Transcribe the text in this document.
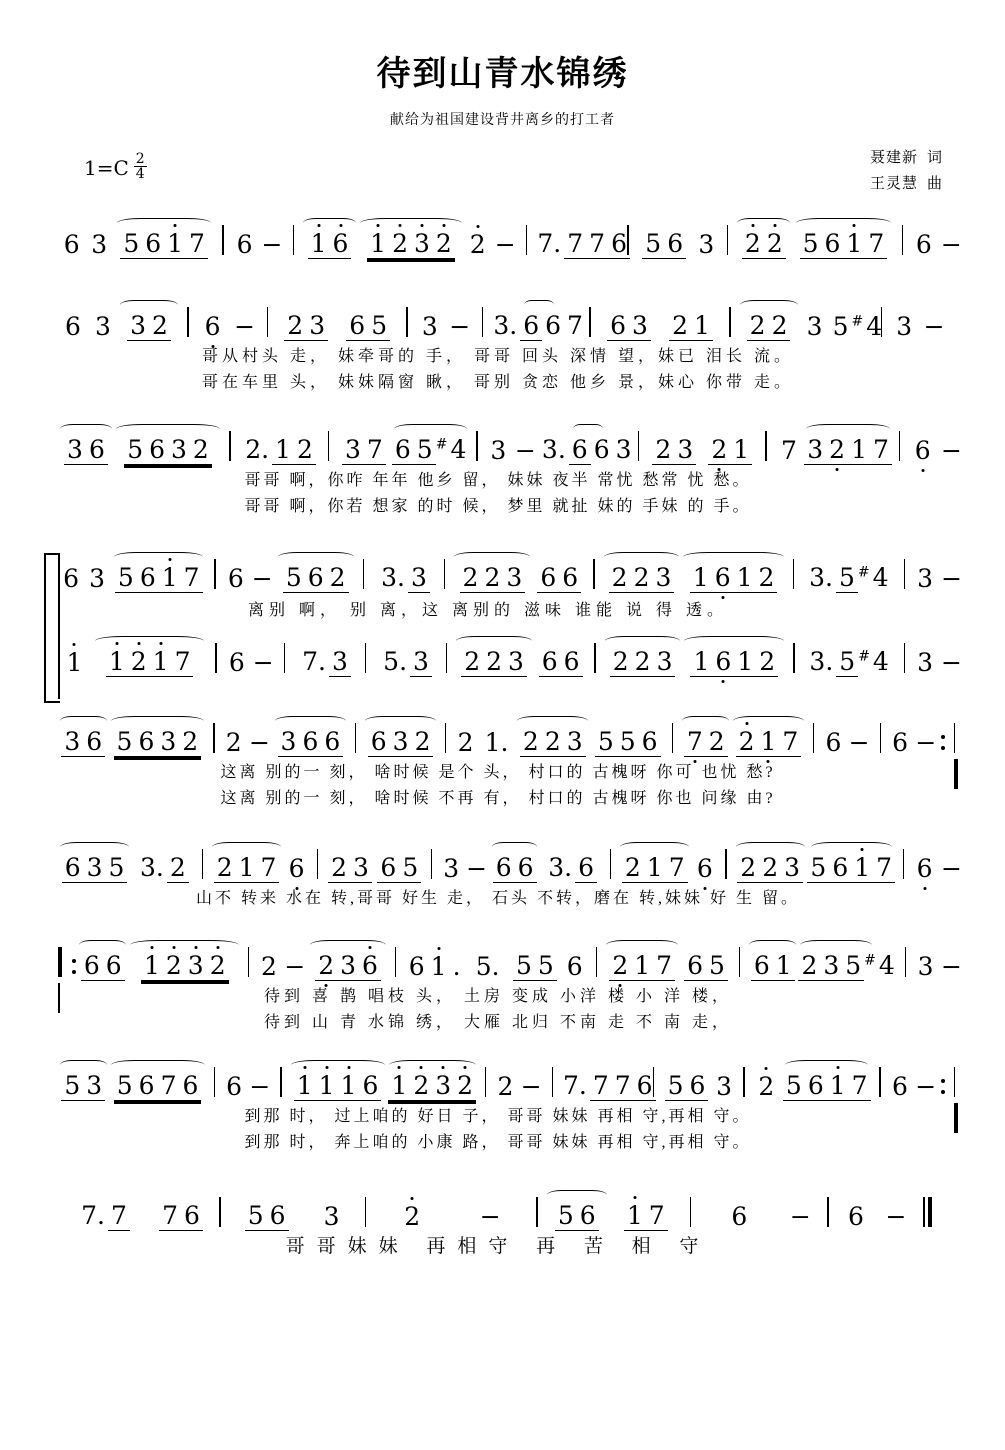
待到山青水锦绣
献给为祖国建设背井离乡的打工者
$1=C \frac{2}{4}$	聂建新 词
王灵慧 曲
6 3 5 6 1 7	6 −	1 6 1 2 3 2 2 − 7. 7 7 6 5 6 3	2 2 5 6 1 7	6 −
6 3 3 2	6 −	2 3 6 5	3 − 3. 6 6 7	6 3 2 1	2 2 3 5 # 4 3 −
哥从村头 走， 妹牵哥的 手， 哥哥 回头 深情 望，妹已 泪长 流。
哥在车里 头， 妹妹隔窗 瞅， 哥别 贪恋 他乡 景，妹心 你带 走。
3 6 5 6 3 2	2. 1 2	3 7 6 5 # 4 3 − 3. 6 6 3 2 3 2 1	7 3 2 1 7 6 −
哥哥 啊，你咋 年年 他乡 留， 妹妹 夜半 常忧 愁常 忧 愁。
哥哥 啊，你若 想家 的时 候， 梦里 就扯 妹的 手妹 的 手。
6 3 5 6 1 7	6 − 5 6 2	3. 3	2 2 3 6 6	2 2 3 1 6 1 2	3. 5 # 4	3 −
离别 啊， 别 离，这 离别的 滋味 谁能 说 得 透。
1	1 2 1 7	6 −	7. 3	5. 3	2 2 3 6 6	2 2 3 1 6 1 2	3. 5 # 4	3 −
3 6 5 6 3 2	2 − 3 6 6	6 3 2	2 1. 2 2 3 5 5 6	7 2 2 1 7	6 − 6 −
这离 别的一 刻， 啥时候 是个 头， 村口的 古槐呀 你可 也忧 愁?
这离 别的一 刻， 啥时候 不再 有， 村口的 古槐呀 你也 问缘 由?
6 3 5 3. 2	2 1 7 6 2 3 6 5 3 − 6 6 3. 6	2 1 7 6 2 2 3 5 6 1 7 6 −
山不 转来 水在 转,哥哥 好生 走， 石头 不转，磨在 转,妹妹 好 生 留。
6 6 1 2 3 2	2 − 2 3 6	6 1 . 5. 5 5 6	2 1 7 6 5 6 1 2 3 5 # 4 3 −
待到 喜 鹊 唱枝 头， 土房 变成 小洋 楼 小 洋 楼，
待到 山 青 水锦 绣， 大雁 北归 不南 走 不 南 走，
5 3 5 6 7 6	6 −	1 1 1 6 1 2 3 2 2 − 7. 7 7 6 5 6 3 2 5 6 1 7 6 −
到那 时， 过上咱的 好日 子， 哥哥 妹妹 再相 守,再相 守。
到那 时， 奔上咱的 小康 路， 哥哥 妹妹 再相 守,再相 守。
7. 7	7 6	5 6	3	2	−	5 6	1 7	6	−	6 −
哥哥妹妹 再相守 再 苦 相 守
